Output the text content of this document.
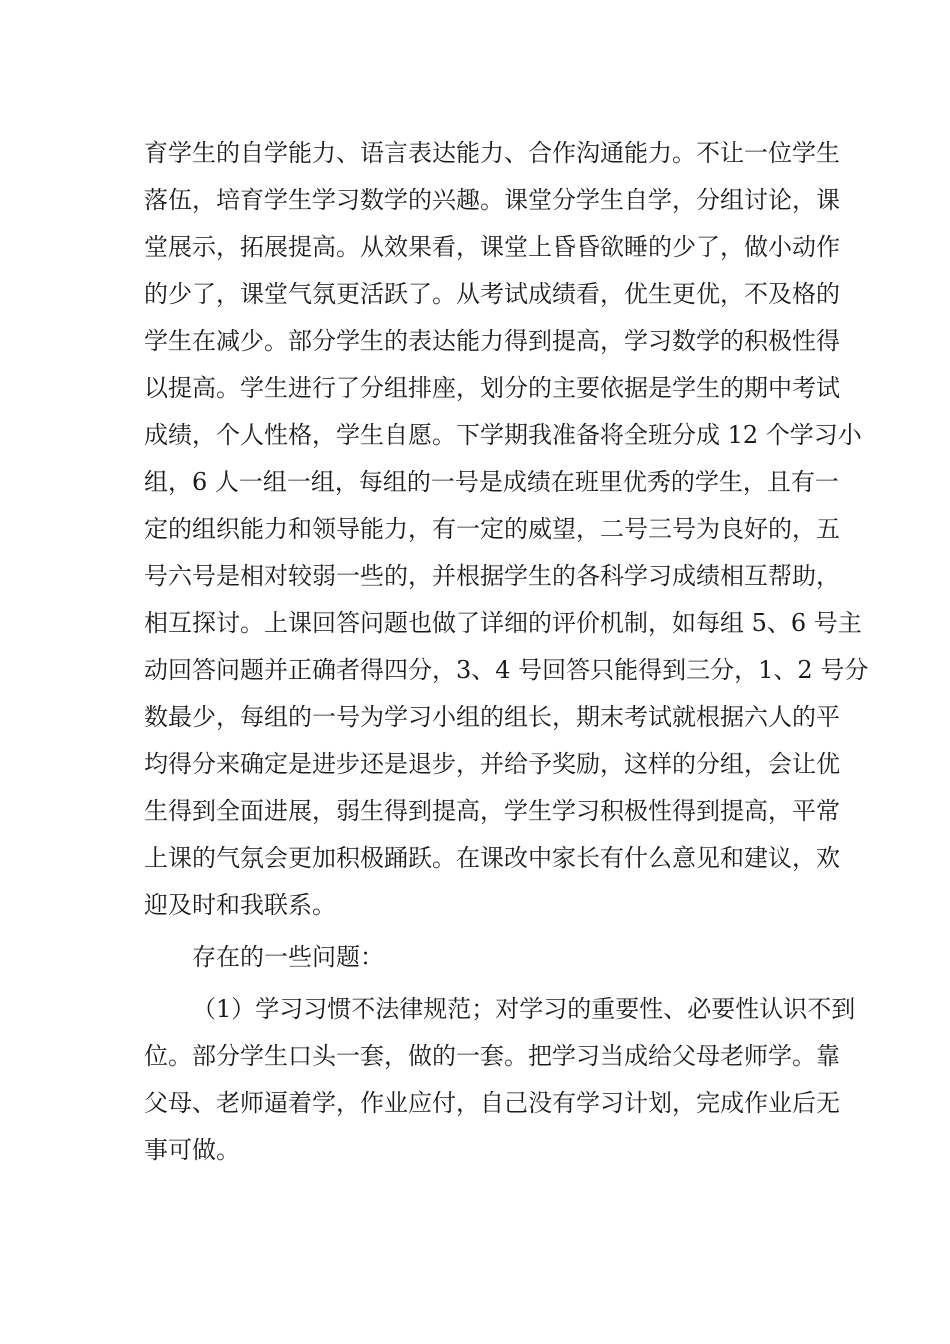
育学生的自学能力、语言表达能力、合作沟通能力。不让一位学生
落伍，培育学生学习数学的兴趣。课堂分学生自学，分组讨论，课
堂展示，拓展提高。从效果看，课堂上昏昏欲睡的少了，做小动作
的少了，课堂气氛更活跃了。从考试成绩看，优生更优，不及格的
学生在减少。部分学生的表达能力得到提高，学习数学的积极性得
以提高。学生进行了分组排座，划分的主要依据是学生的期中考试
成绩，个人性格，学生自愿。下学期我准备将全班分成 12 个学习小
组，6 人一组一组，每组的一号是成绩在班里优秀的学生，且有一
定的组织能力和领导能力，有一定的威望，二号三号为良好的，五
号六号是相对较弱一些的，并根据学生的各科学习成绩相互帮助，
相互探讨。上课回答问题也做了详细的评价机制，如每组 5、6 号主
动回答问题并正确者得四分，3、4 号回答只能得到三分，1、2 号分
数最少，每组的一号为学习小组的组长，期末考试就根据六人的平
均得分来确定是进步还是退步，并给予奖励，这样的分组，会让优
生得到全面进展，弱生得到提高，学生学习积极性得到提高，平常
上课的气氛会更加积极踊跃。在课改中家长有什么意见和建议，欢
迎及时和我联系。
存在的一些问题：
（1）学习习惯不法律规范；对学习的重要性、必要性认识不到
位。部分学生口头一套，做的一套。把学习当成给父母老师学。靠
父母、老师逼着学，作业应付，自己没有学习计划，完成作业后无
事可做。
